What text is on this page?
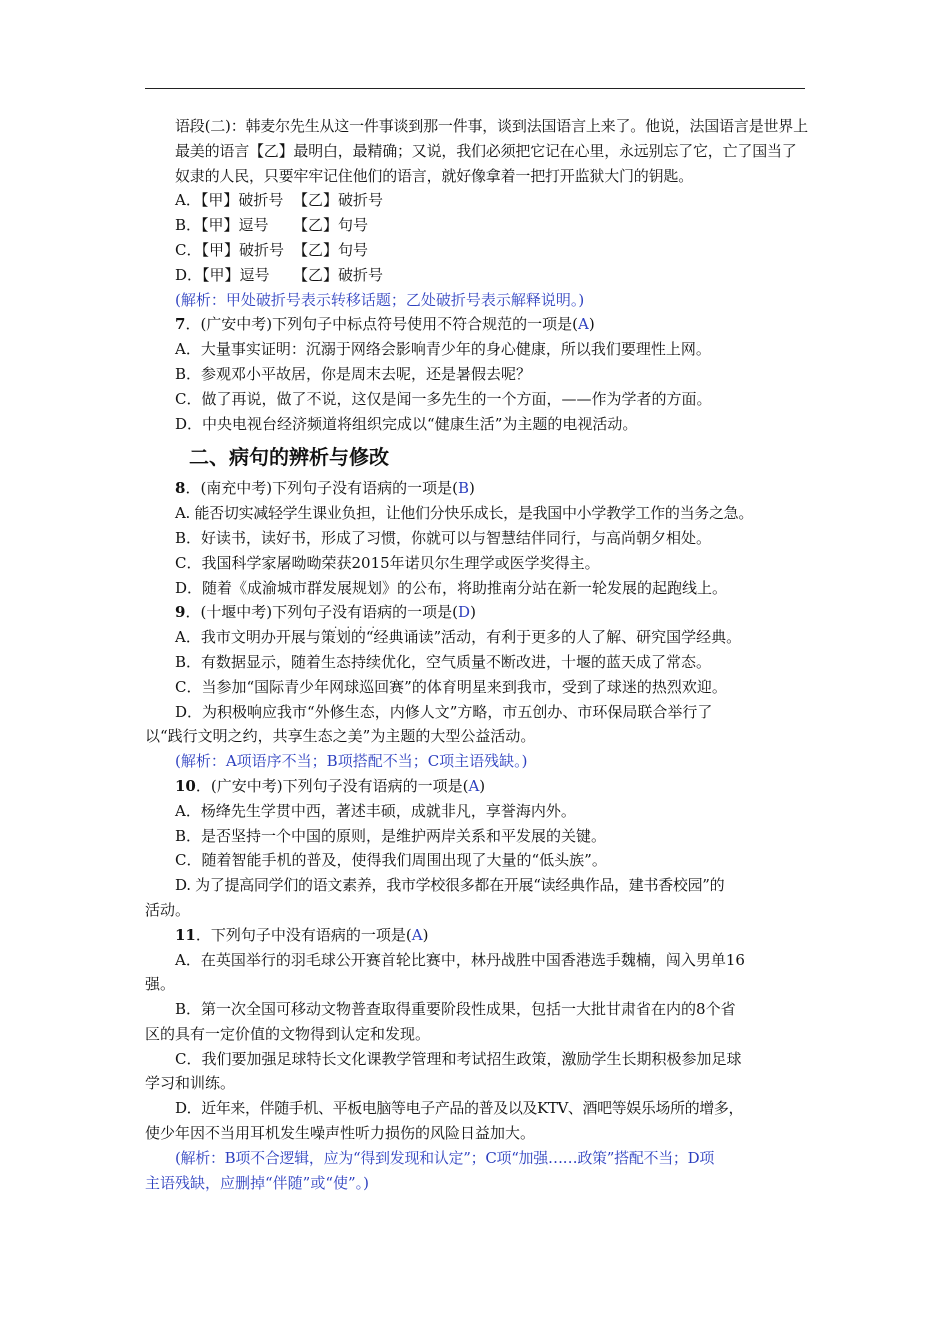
语段(二)：韩麦尔先生从这一件事谈到那一件事，谈到法国语言上来了。他说，法国语言是世界上最美的语言【乙】最明白，最精确；又说，我们必须把它记在心里，永远别忘了它，亡了国当了奴隶的人民，只要牢牢记住他们的语言，就好像拿着一把打开监狱大门的钥匙。

A．【甲】破折号 【乙】破折号

B．【甲】逗号 【乙】句号

C．【甲】破折号 【乙】句号

D．【甲】逗号 【乙】破折号

(解析：甲处破折号表示转移话题；乙处破折号表示解释说明。)

7．(广安中考)下列句子中标点符号使用不符合规范的一项是(A)

A．大量事实证明：沉溺于网络会影响青少年的身心健康，所以我们要理性上网。

B．参观邓小平故居，你是周末去呢，还是暑假去呢？

C．做了再说，做了不说，这仅是闻一多先生的一个方面，——作为学者的方面。

D．中央电视台经济频道将组织完成以“健康生活”为主题的电视活动。

二、病句的辨析与修改

8．(南充中考)下列句子没有语病的一项是(B)

A. 能否切实减轻学生课业负担，让他们分快乐成长，是我国中小学教学工作的当务之急。

B．好读书，读好书，形成了习惯，你就可以与智慧结伴同行，与高尚朝夕相处。

C．我国科学家屠呦呦荣获2015年诺贝尔生理学或医学奖得主。

D．随着《成渝城市群发展规划》的公布，将助推南分站在新一轮发展的起跑线上。

9．(十堰中考)下列句子没有语病 • • • •的一项是(D)

A．我市文明办开展与策划的“经典诵读”活动，有利于更多的人了解、研究国学经典。

B．有数据显示，随着生态持续优化，空气质量不断改进，十堰的蓝天成了常态。

C．当参加“国际青少年网球巡回赛”的体育明星来到我市，受到了球迷的热烈欢迎。

D．为积极响应我市“外修生态，内修人文”方略，市五创办、市环保局联合举行了

以“践行文明之约，共享生态之美”为主题的大型公益活动。

(解析：A项语序不当；B项搭配不当；C项主语残缺。)

10．(广安中考)下列句子没有语病的一项是(A)

A．杨绛先生学贯中西，著述丰硕，成就非凡，享誉海内外。

B．是否坚持一个中国的原则，是维护两岸关系和平发展的关键。

C．随着智能手机的普及，使得我们周围出现了大量的“低头族”。

D. 为了提高同学们的语文素养，我市学校很多都在开展“读经典作品，建书香校园”的

活动。

11．下列句子中没有语病的一项是(A)

A．在英国举行的羽毛球公开赛首轮比赛中，林丹战胜中国香港选手魏楠，闯入男单16

强。

B．第一次全国可移动文物普查取得重要阶段性成果，包括一大批甘肃省在内的8个省

区的具有一定价值的文物得到认定和发现。

C．我们要加强足球特长文化课教学管理和考试招生政策，激励学生长期积极参加足球

学习和训练。

D．近年来，伴随手机、平板电脑等电子产品的普及以及KTV、酒吧等娱乐场所的增多，

使少年因不当用耳机发生噪声性听力损伤的风险日益加大。

(解析：B项不合逻辑，应为“得到发现和认定”；C项“加强……政策”搭配不当；D项

主语残缺，应删掉“伴随”或“使”。)
